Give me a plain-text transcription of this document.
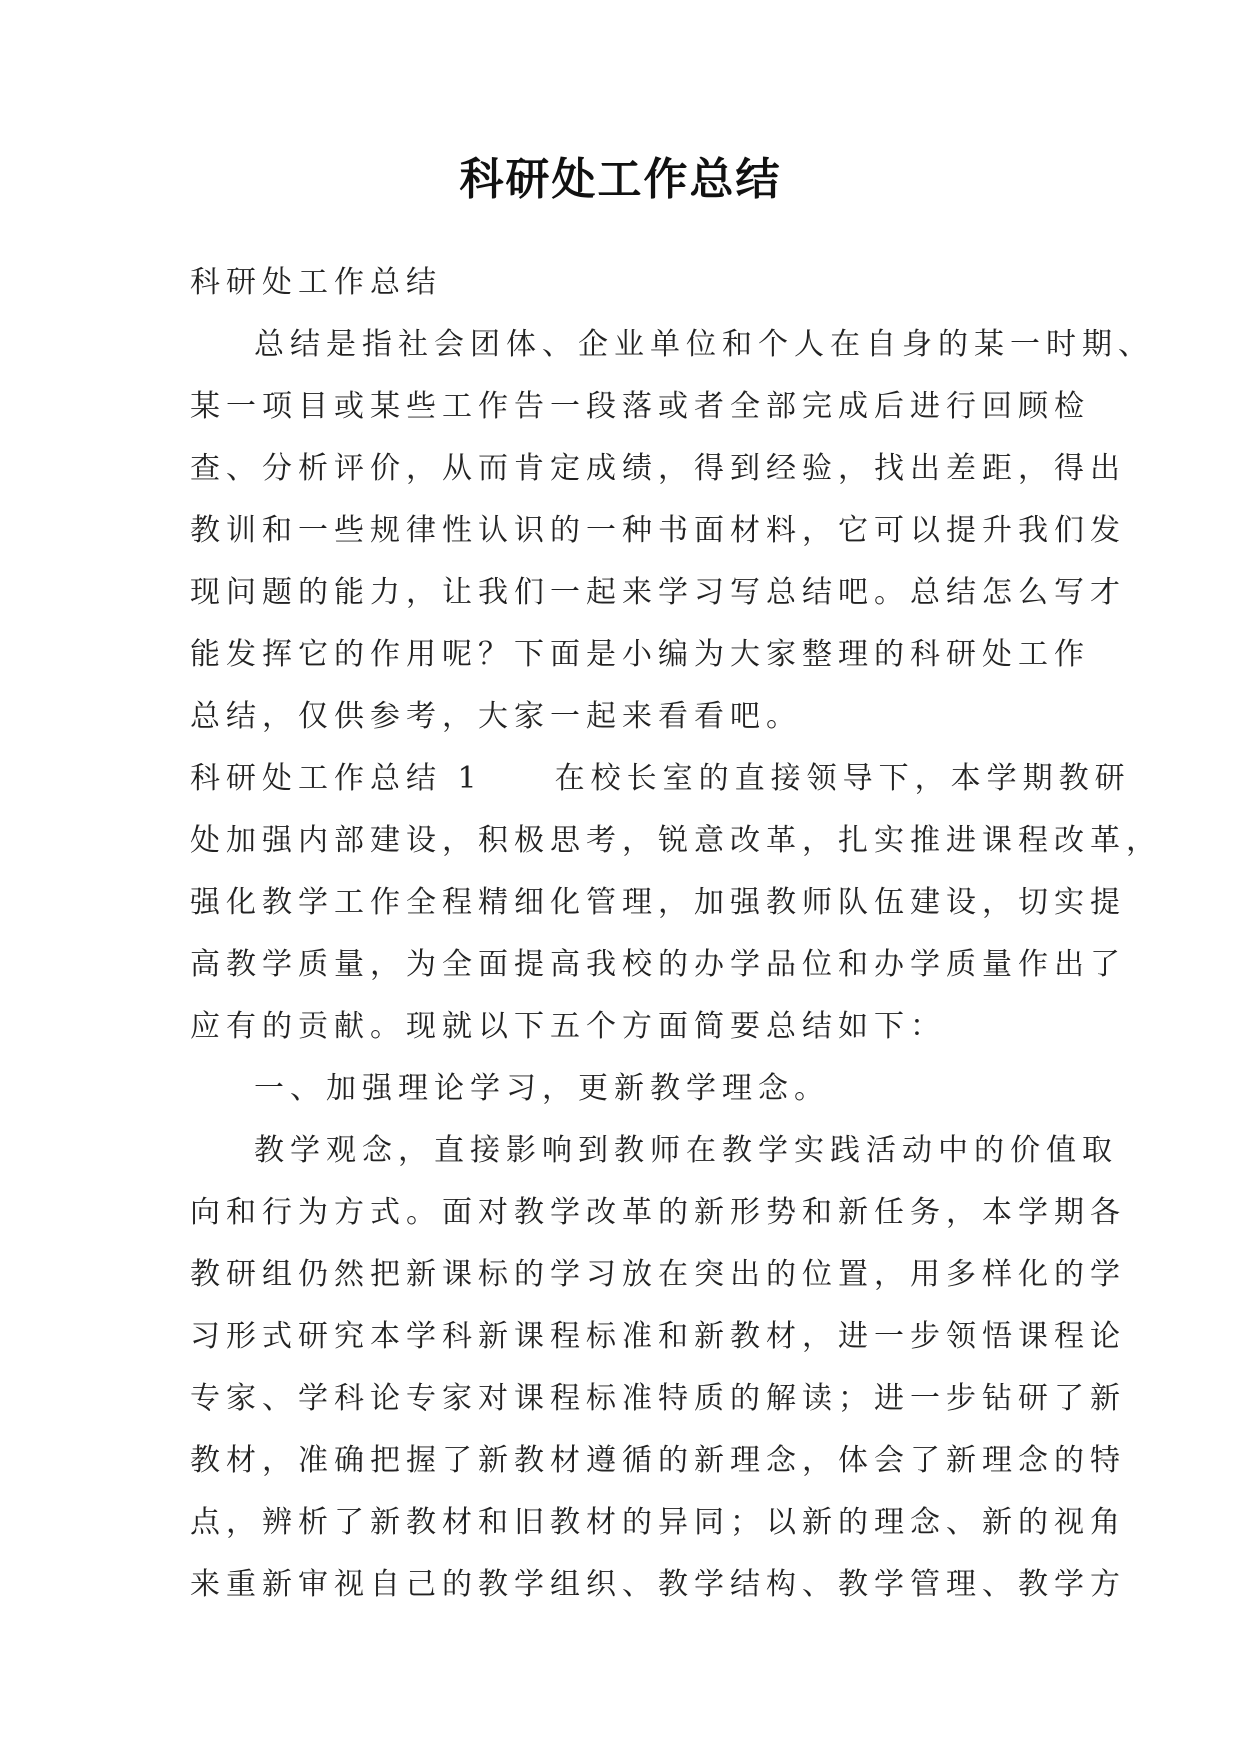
科研处工作总结
科研处工作总结
总结是指社会团体、企业单位和个人在自身的某一时期、
某一项目或某些工作告一段落或者全部完成后进行回顾检
查、分析评价，从而肯定成绩，得到经验，找出差距，得出
教训和一些规律性认识的一种书面材料，它可以提升我们发
现问题的能力，让我们一起来学习写总结吧。总结怎么写才
能发挥它的作用呢？下面是小编为大家整理的科研处工作
总结，仅供参考，大家一起来看看吧。
科研处工作总结 1　　在校长室的直接领导下，本学期教研
处加强内部建设，积极思考，锐意改革，扎实推进课程改革，
强化教学工作全程精细化管理，加强教师队伍建设，切实提
高教学质量，为全面提高我校的办学品位和办学质量作出了
应有的贡献。现就以下五个方面简要总结如下：
一、加强理论学习，更新教学理念。
教学观念，直接影响到教师在教学实践活动中的价值取
向和行为方式。面对教学改革的新形势和新任务，本学期各
教研组仍然把新课标的学习放在突出的位置，用多样化的学
习形式研究本学科新课程标准和新教材，进一步领悟课程论
专家、学科论专家对课程标准特质的解读；进一步钻研了新
教材，准确把握了新教材遵循的新理念，体会了新理念的特
点，辨析了新教材和旧教材的异同；以新的理念、新的视角
来重新审视自己的教学组织、教学结构、教学管理、教学方
